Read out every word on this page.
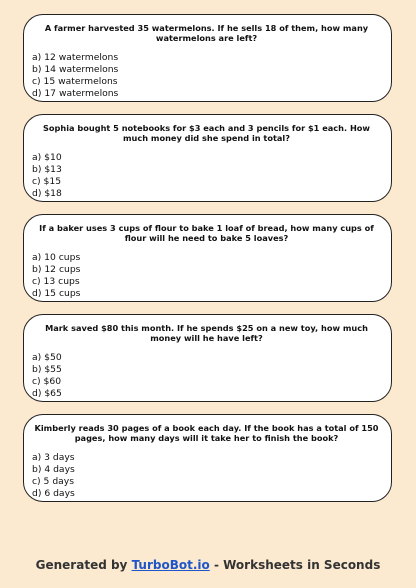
A farmer harvested 35 watermelons. If he sells 18 of them, how many watermelons are left?
a) 12 watermelons
b) 14 watermelons
c) 15 watermelons
d) 17 watermelons
Sophia bought 5 notebooks for $3 each and 3 pencils for $1 each. How much money did she spend in total?
a) $10
b) $13
c) $15
d) $18
If a baker uses 3 cups of flour to bake 1 loaf of bread, how many cups of flour will he need to bake 5 loaves?
a) 10 cups
b) 12 cups
c) 13 cups
d) 15 cups
Mark saved $80 this month. If he spends $25 on a new toy, how much money will he have left?
a) $50
b) $55
c) $60
d) $65
Kimberly reads 30 pages of a book each day. If the book has a total of 150 pages, how many days will it take her to finish the book?
a) 3 days
b) 4 days
c) 5 days
d) 6 days
Generated by TurboBot.io - Worksheets in Seconds
